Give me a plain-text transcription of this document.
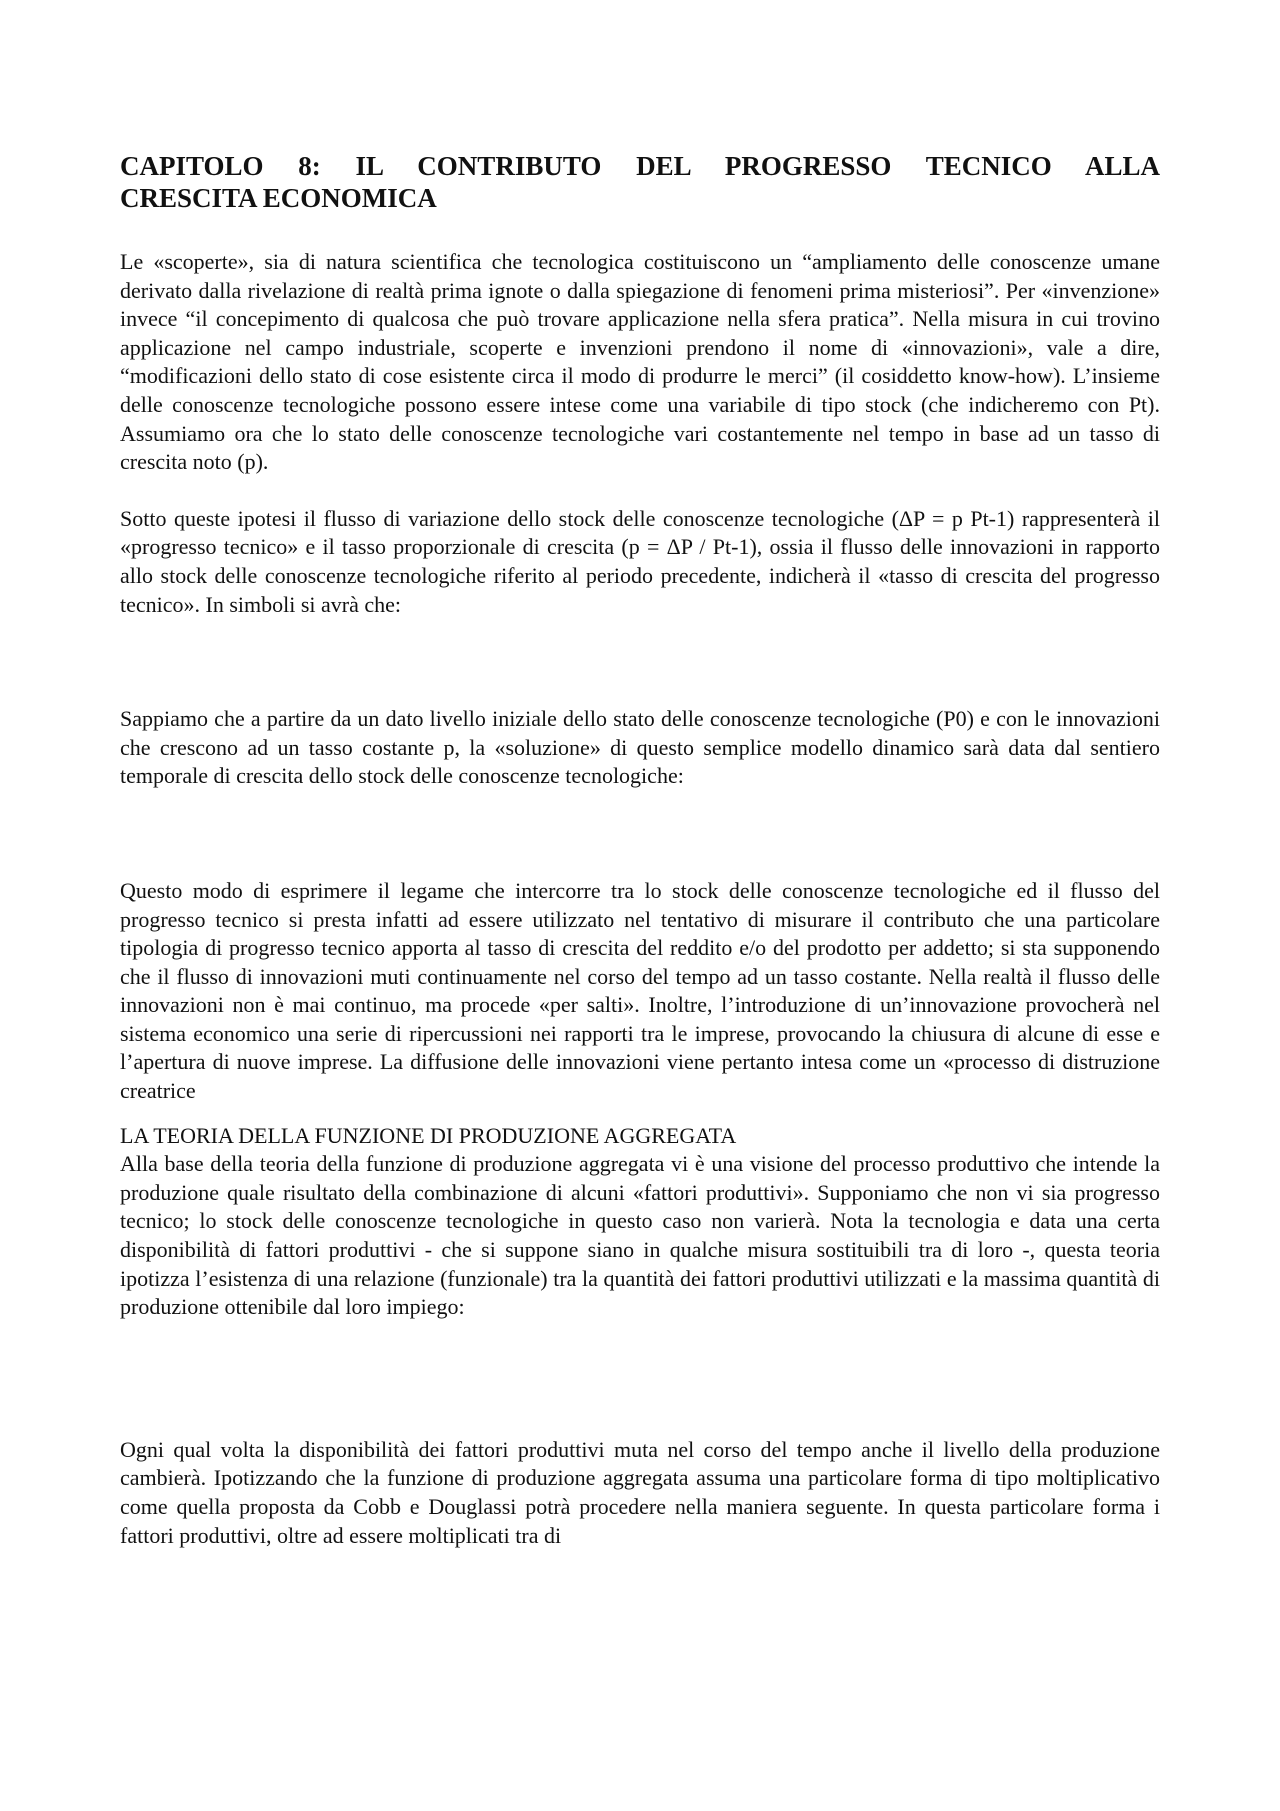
CAPITOLO 8: IL CONTRIBUTO DEL PROGRESSO TECNICO ALLA
CRESCITA ECONOMICA

Le «scoperte», sia di natura scientifica che tecnologica costituiscono un “ampliamento delle conoscenze umane derivato dalla rivelazione di realtà prima ignote o dalla spiegazione di fenomeni prima misteriosi”. Per «invenzione» invece “il concepimento di qualcosa che può trovare applicazione nella sfera pratica”. Nella misura in cui trovino applicazione nel campo industriale, scoperte e invenzioni prendono il nome di «innovazioni», vale a dire, “modificazioni dello stato di cose esistente circa il modo di produrre le merci” (il cosiddetto know-how). L’insieme delle conoscenze tecnologiche possono essere intese come una variabile di tipo stock (che indicheremo con Pt). Assumiamo ora che lo stato delle conoscenze tecnologiche vari costantemente nel tempo in base ad un tasso di crescita noto (p).

Sotto queste ipotesi il flusso di variazione dello stock delle conoscenze tecnologiche (ΔP = p Pt-1) rappresenterà il «progresso tecnico» e il tasso proporzionale di crescita (p = ΔP / Pt-1), ossia il flusso delle innovazioni in rapporto allo stock delle conoscenze tecnologiche riferito al periodo precedente, indicherà il «tasso di crescita del progresso tecnico». In simboli si avrà che:

Sappiamo che a partire da un dato livello iniziale dello stato delle conoscenze tecnologiche (P0) e con le innovazioni che crescono ad un tasso costante p, la «soluzione» di questo semplice modello dinamico sarà data dal sentiero temporale di crescita dello stock delle conoscenze tecnologiche:

Questo modo di esprimere il legame che intercorre tra lo stock delle conoscenze tecnologiche ed il flusso del progresso tecnico si presta infatti ad essere utilizzato nel tentativo di misurare il contributo che una particolare tipologia di progresso tecnico apporta al tasso di crescita del reddito e/o del prodotto per addetto; si sta supponendo che il flusso di innovazioni muti continuamente nel corso del tempo ad un tasso costante. Nella realtà il flusso delle innovazioni non è mai continuo, ma procede «per salti». Inoltre, l’introduzione di un’innovazione provocherà nel sistema economico una serie di ripercussioni nei rapporti tra le imprese, provocando la chiusura di alcune di esse e l’apertura di nuove imprese. La diffusione delle innovazioni viene pertanto intesa come un «processo di distruzione creatrice

LA TEORIA DELLA FUNZIONE DI PRODUZIONE AGGREGATA

Alla base della teoria della funzione di produzione aggregata vi è una visione del processo produttivo che intende la produzione quale risultato della combinazione di alcuni «fattori produttivi». Supponiamo che non vi sia progresso tecnico; lo stock delle conoscenze tecnologiche in questo caso non varierà. Nota la tecnologia e data una certa disponibilità di fattori produttivi - che si suppone siano in qualche misura sostituibili tra di loro -, questa teoria ipotizza l’esistenza di una relazione (funzionale) tra la quantità dei fattori produttivi utilizzati e la massima quantità di produzione ottenibile dal loro impiego:

Ogni qual volta la disponibilità dei fattori produttivi muta nel corso del tempo anche il livello della produzione cambierà. Ipotizzando che la funzione di produzione aggregata assuma una particolare forma di tipo moltiplicativo come quella proposta da Cobb e Douglassi potrà procedere nella maniera seguente. In questa particolare forma i fattori produttivi, oltre ad essere moltiplicati tra di
